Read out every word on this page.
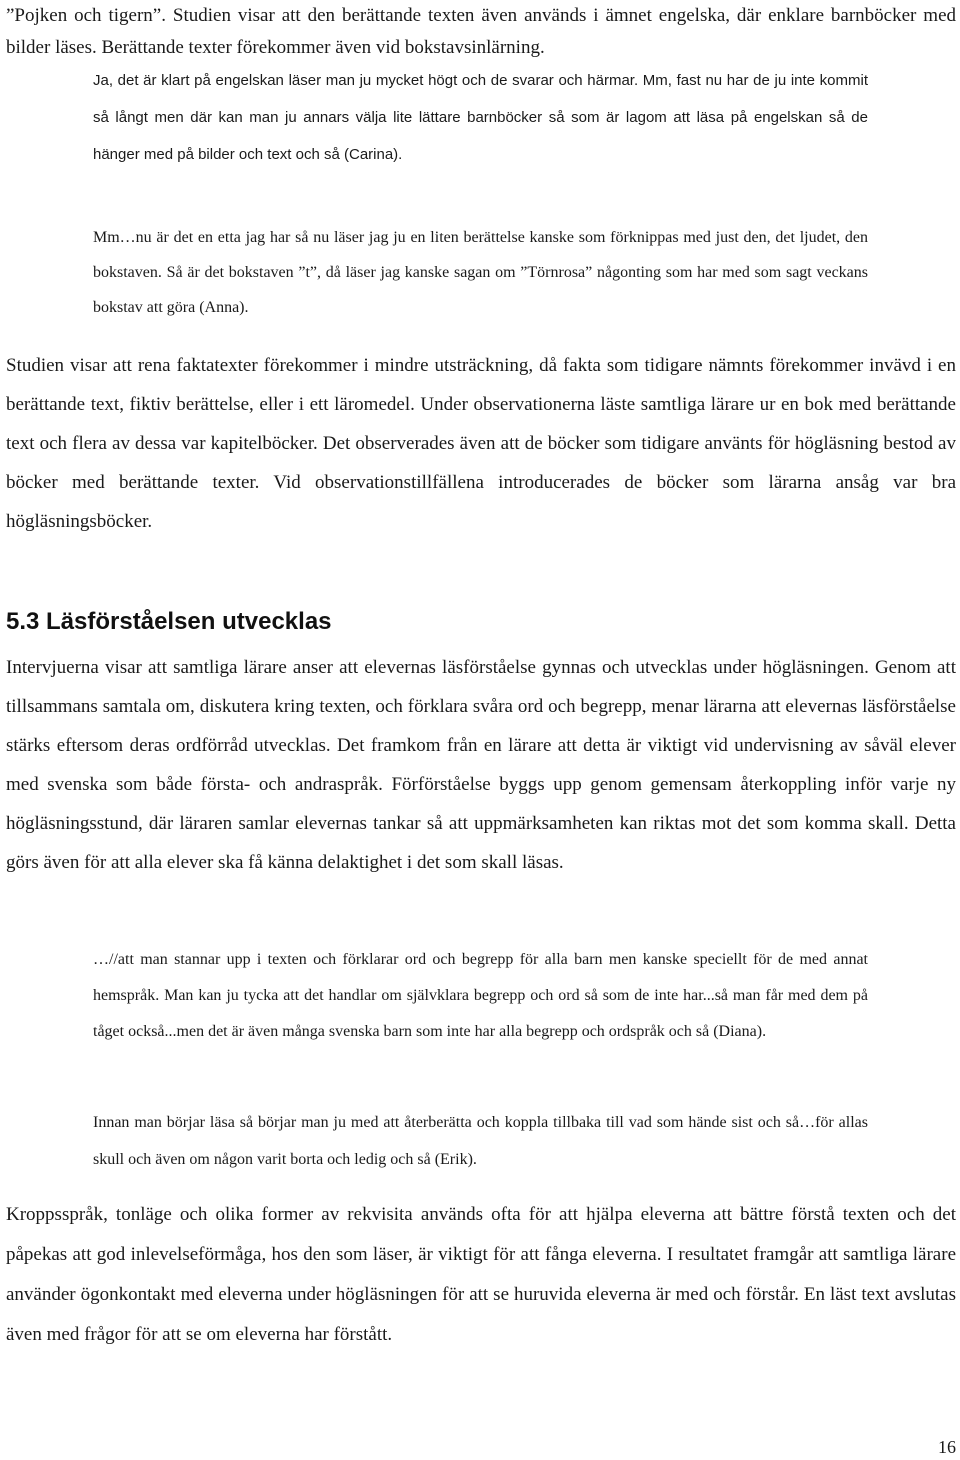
”Pojken och tigern”. Studien visar att den berättande texten även används i ämnet engelska, där enklare barnböcker med bilder läses. Berättande texter förekommer även vid bokstavsinlärning.

Ja, det är klart på engelskan läser man ju mycket högt och de svarar och härmar. Mm, fast nu har de ju inte kommit så långt men där kan man ju annars välja lite lättare barnböcker så som är lagom att läsa på engelskan så de hänger med på bilder och text och så (Carina).

Mm…nu är det en etta jag har så nu läser jag ju en liten berättelse kanske som förknippas med just den, det ljudet, den bokstaven. Så är det bokstaven ”t”, då läser jag kanske sagan om ”Törnrosa” någonting som har med som sagt veckans bokstav att göra (Anna).

Studien visar att rena faktatexter förekommer i mindre utsträckning, då fakta som tidigare nämnts förekommer invävd i en berättande text, fiktiv berättelse, eller i ett läromedel. Under observationerna läste samtliga lärare ur en bok med berättande text och flera av dessa var kapitelböcker. Det observerades även att de böcker som tidigare använts för högläsning bestod av böcker med berättande texter. Vid observationstillfällena introducerades de böcker som lärarna ansåg var bra högläsningsböcker.

5.3 Läsförståelsen utvecklas

Intervjuerna visar att samtliga lärare anser att elevernas läsförståelse gynnas och utvecklas under högläsningen. Genom att tillsammans samtala om, diskutera kring texten, och förklara svåra ord och begrepp, menar lärarna att elevernas läsförståelse stärks eftersom deras ordförråd utvecklas. Det framkom från en lärare att detta är viktigt vid undervisning av såväl elever med svenska som både första- och andraspråk. Förförståelse byggs upp genom gemensam återkoppling inför varje ny högläsningsstund, där läraren samlar elevernas tankar så att uppmärksamheten kan riktas mot det som komma skall. Detta görs även för att alla elever ska få känna delaktighet i det som skall läsas.

…//att man stannar upp i texten och förklarar ord och begrepp för alla barn men kanske speciellt för de med annat hemspråk. Man kan ju tycka att det handlar om självklara begrepp och ord så som de inte har...så man får med dem på tåget också...men det är även många svenska barn som inte har alla begrepp och ordspråk och så (Diana).

Innan man börjar läsa så börjar man ju med att återberätta och koppla tillbaka till vad som hände sist och så…för allas skull och även om någon varit borta och ledig och så (Erik).

Kroppsspråk, tonläge och olika former av rekvisita används ofta för att hjälpa eleverna att bättre förstå texten och det påpekas att god inlevelseförmåga, hos den som läser, är viktigt för att fånga eleverna. I resultatet framgår att samtliga lärare använder ögonkontakt med eleverna under högläsningen för att se huruvida eleverna är med och förstår. En läst text avslutas även med frågor för att se om eleverna har förstått.

16
